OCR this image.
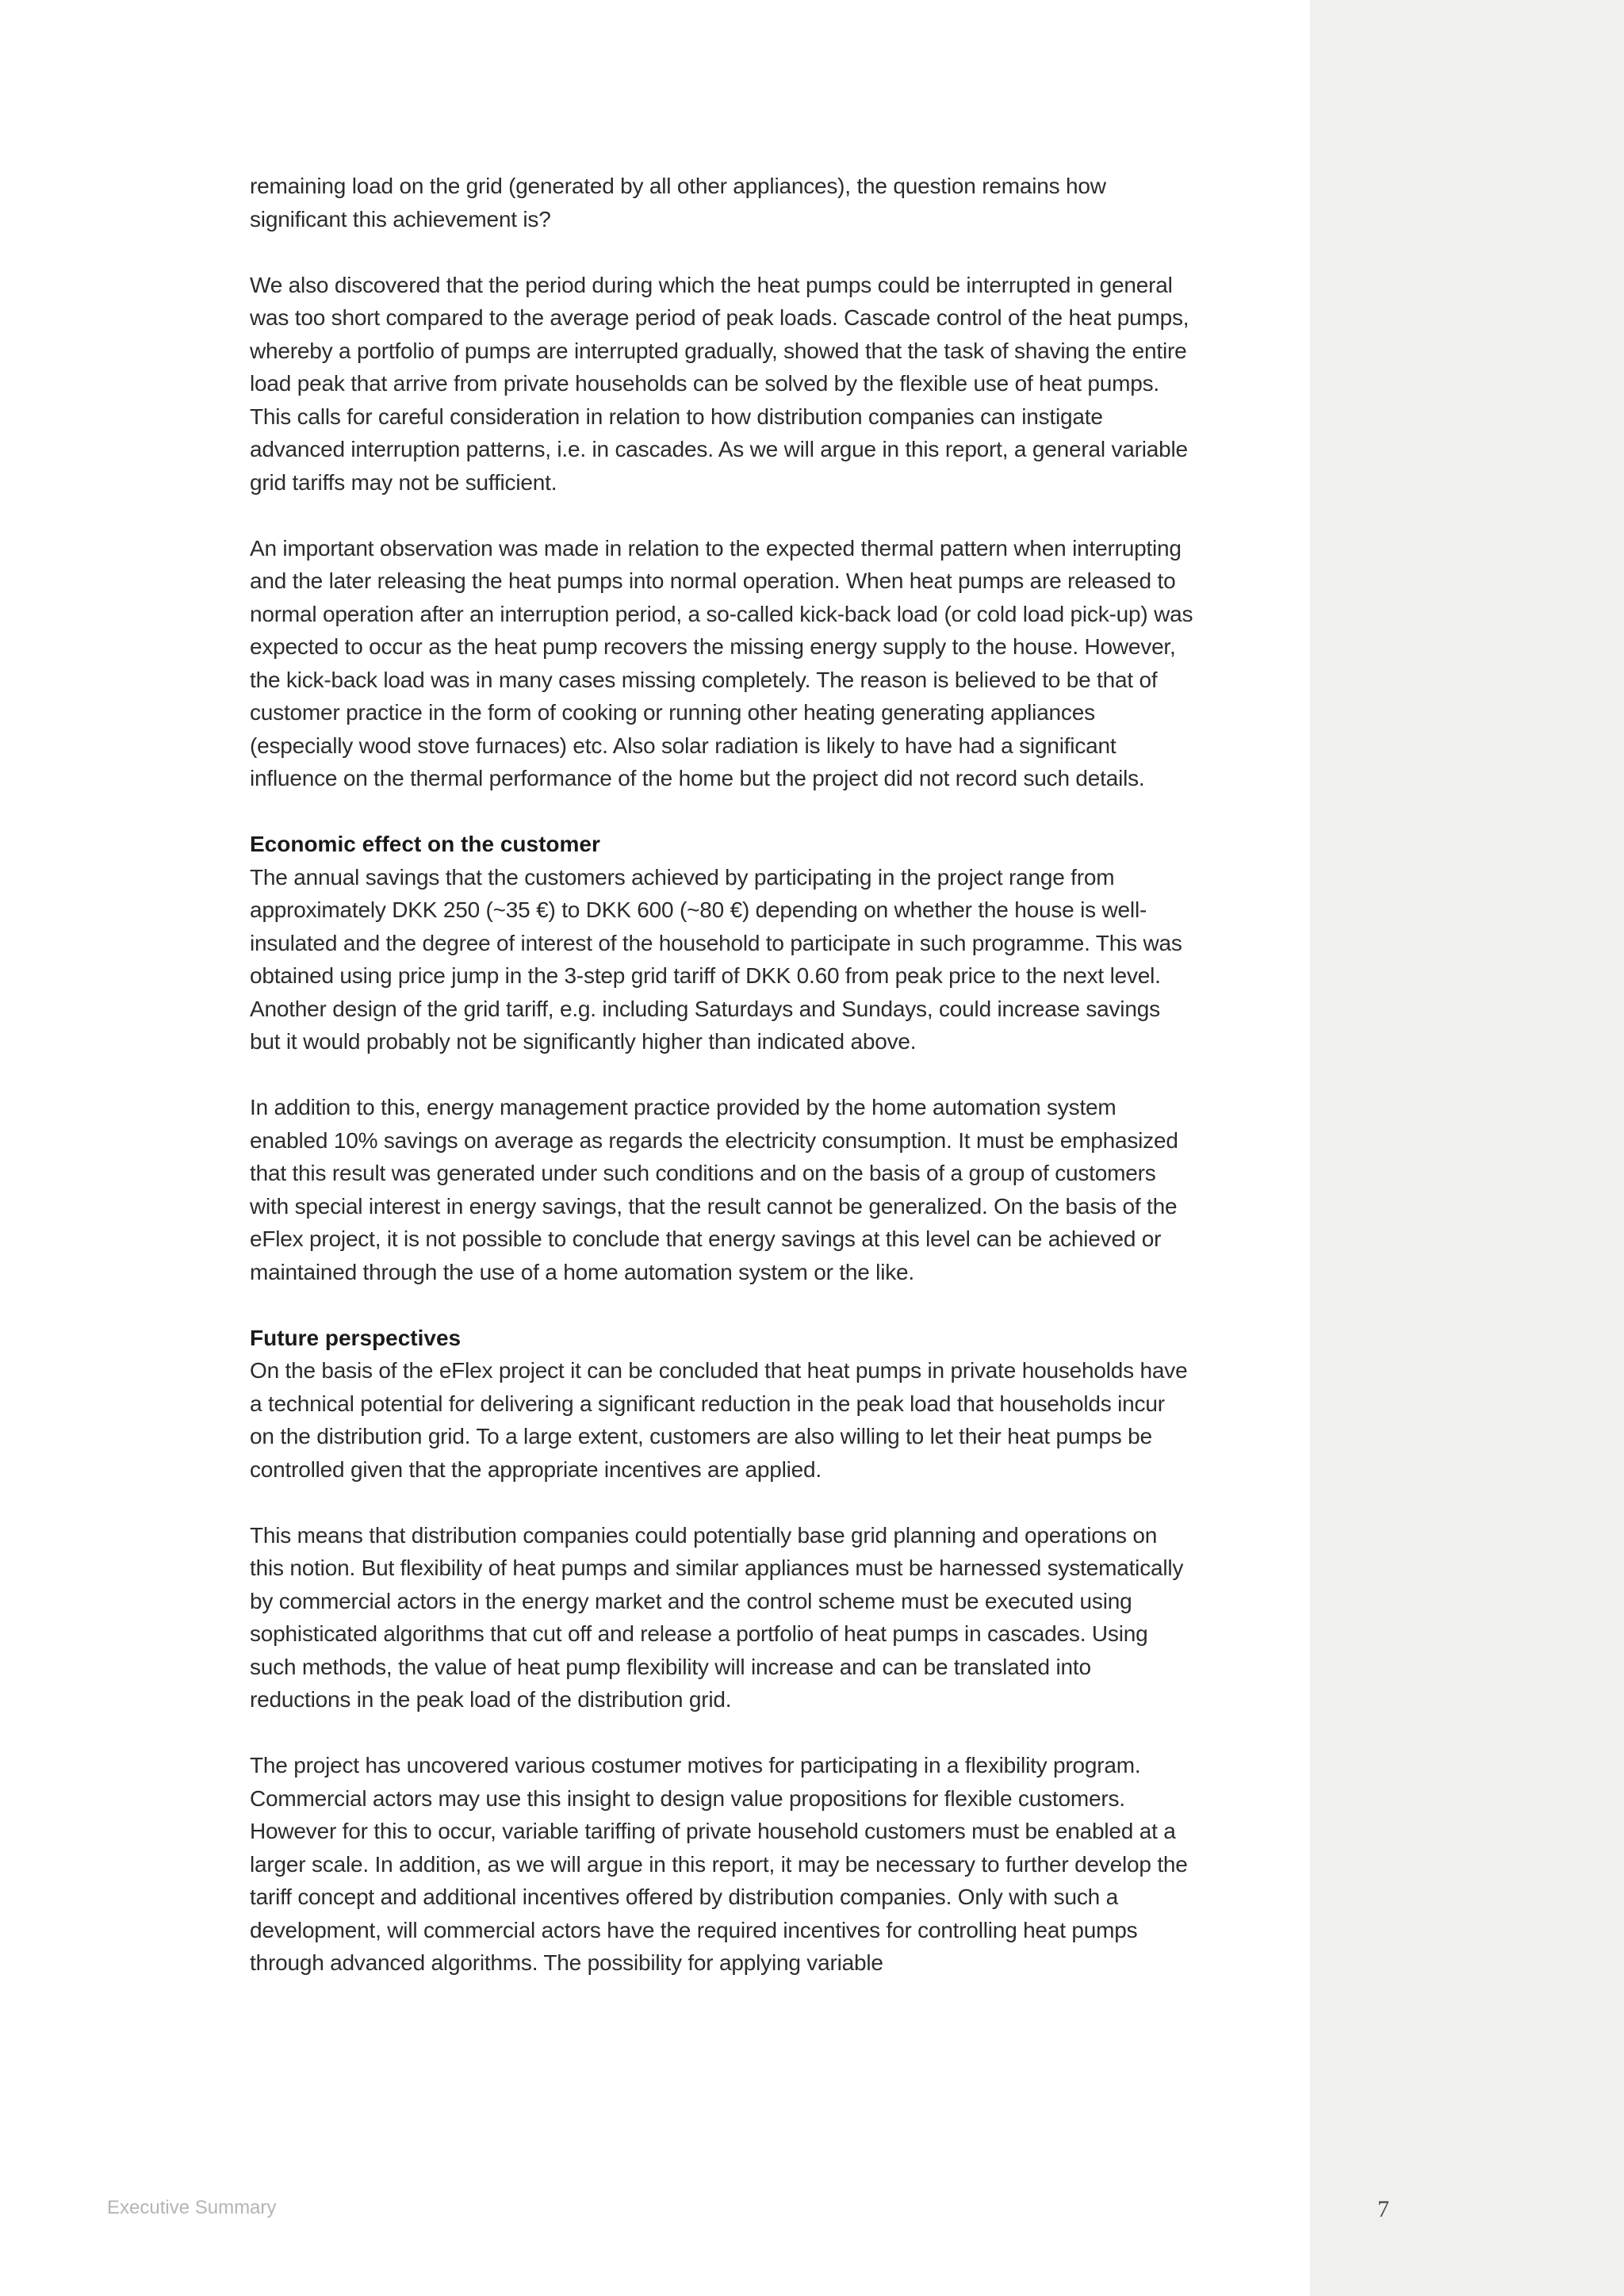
remaining load on the grid (generated by all other appliances), the question remains how significant this achievement is?

We also discovered that the period during which the heat pumps could be interrupted in general was too short compared to the average period of peak loads. Cascade control of the heat pumps, whereby a portfolio of pumps are interrupted gradually, showed that the task of shaving the entire load peak that arrive from private households can be solved by the flexible use of heat pumps. This calls for careful consideration in relation to how distribution companies can instigate advanced interruption patterns, i.e. in cascades. As we will argue in this report, a general variable grid tariffs may not be sufficient.

An important observation was made in relation to the expected thermal pattern when interrupting and the later releasing the heat pumps into normal operation. When heat pumps are released to normal operation after an interruption period, a so-called kick-back load (or cold load pick-up) was expected to occur as the heat pump recovers the missing energy supply to the house. However, the kick-back load was in many cases missing completely. The reason is believed to be that of customer practice in the form of cooking or running other heating generating appliances (especially wood stove furnaces) etc. Also solar radiation is likely to have had a significant influence on the thermal performance of the home but the project did not record such details.

Economic effect on the customer

The annual savings that the customers achieved by participating in the project range from approximately DKK 250 (~35 €) to DKK 600 (~80 €) depending on whether the house is well-insulated and the degree of interest of the household to participate in such programme. This was obtained using price jump in the 3-step grid tariff of DKK 0.60 from peak price to the next level. Another design of the grid tariff, e.g. including Saturdays and Sundays, could increase savings but it would probably not be significantly higher than indicated above.

In addition to this, energy management practice provided by the home automation system enabled 10% savings on average as regards the electricity consumption. It must be emphasized that this result was generated under such conditions and on the basis of a group of customers with special interest in energy savings, that the result cannot be generalized. On the basis of the eFlex project, it is not possible to conclude that energy savings at this level can be achieved or maintained through the use of a home automation system or the like.

Future perspectives

On the basis of the eFlex project it can be concluded that heat pumps in private households have a technical potential for delivering a significant reduction in the peak load that households incur on the distribution grid. To a large extent, customers are also willing to let their heat pumps be controlled given that the appropriate incentives are applied.

This means that distribution companies could potentially base grid planning and operations on this notion. But flexibility of heat pumps and similar appliances must be harnessed systematically by commercial actors in the energy market and the control scheme must be executed using sophisticated algorithms that cut off and release a portfolio of heat pumps in cascades. Using such methods, the value of heat pump flexibility will increase and can be translated into reductions in the peak load of the distribution grid.

The project has uncovered various costumer motives for participating in a flexibility program. Commercial actors may use this insight to design value propositions for flexible customers. However for this to occur, variable tariffing of private household customers must be enabled at a larger scale. In addition, as we will argue in this report, it may be necessary to further develop the tariff concept and additional incentives offered by distribution companies. Only with such a development, will commercial actors have the required incentives for controlling heat pumps through advanced algorithms. The possibility for applying variable

Executive Summary	7
